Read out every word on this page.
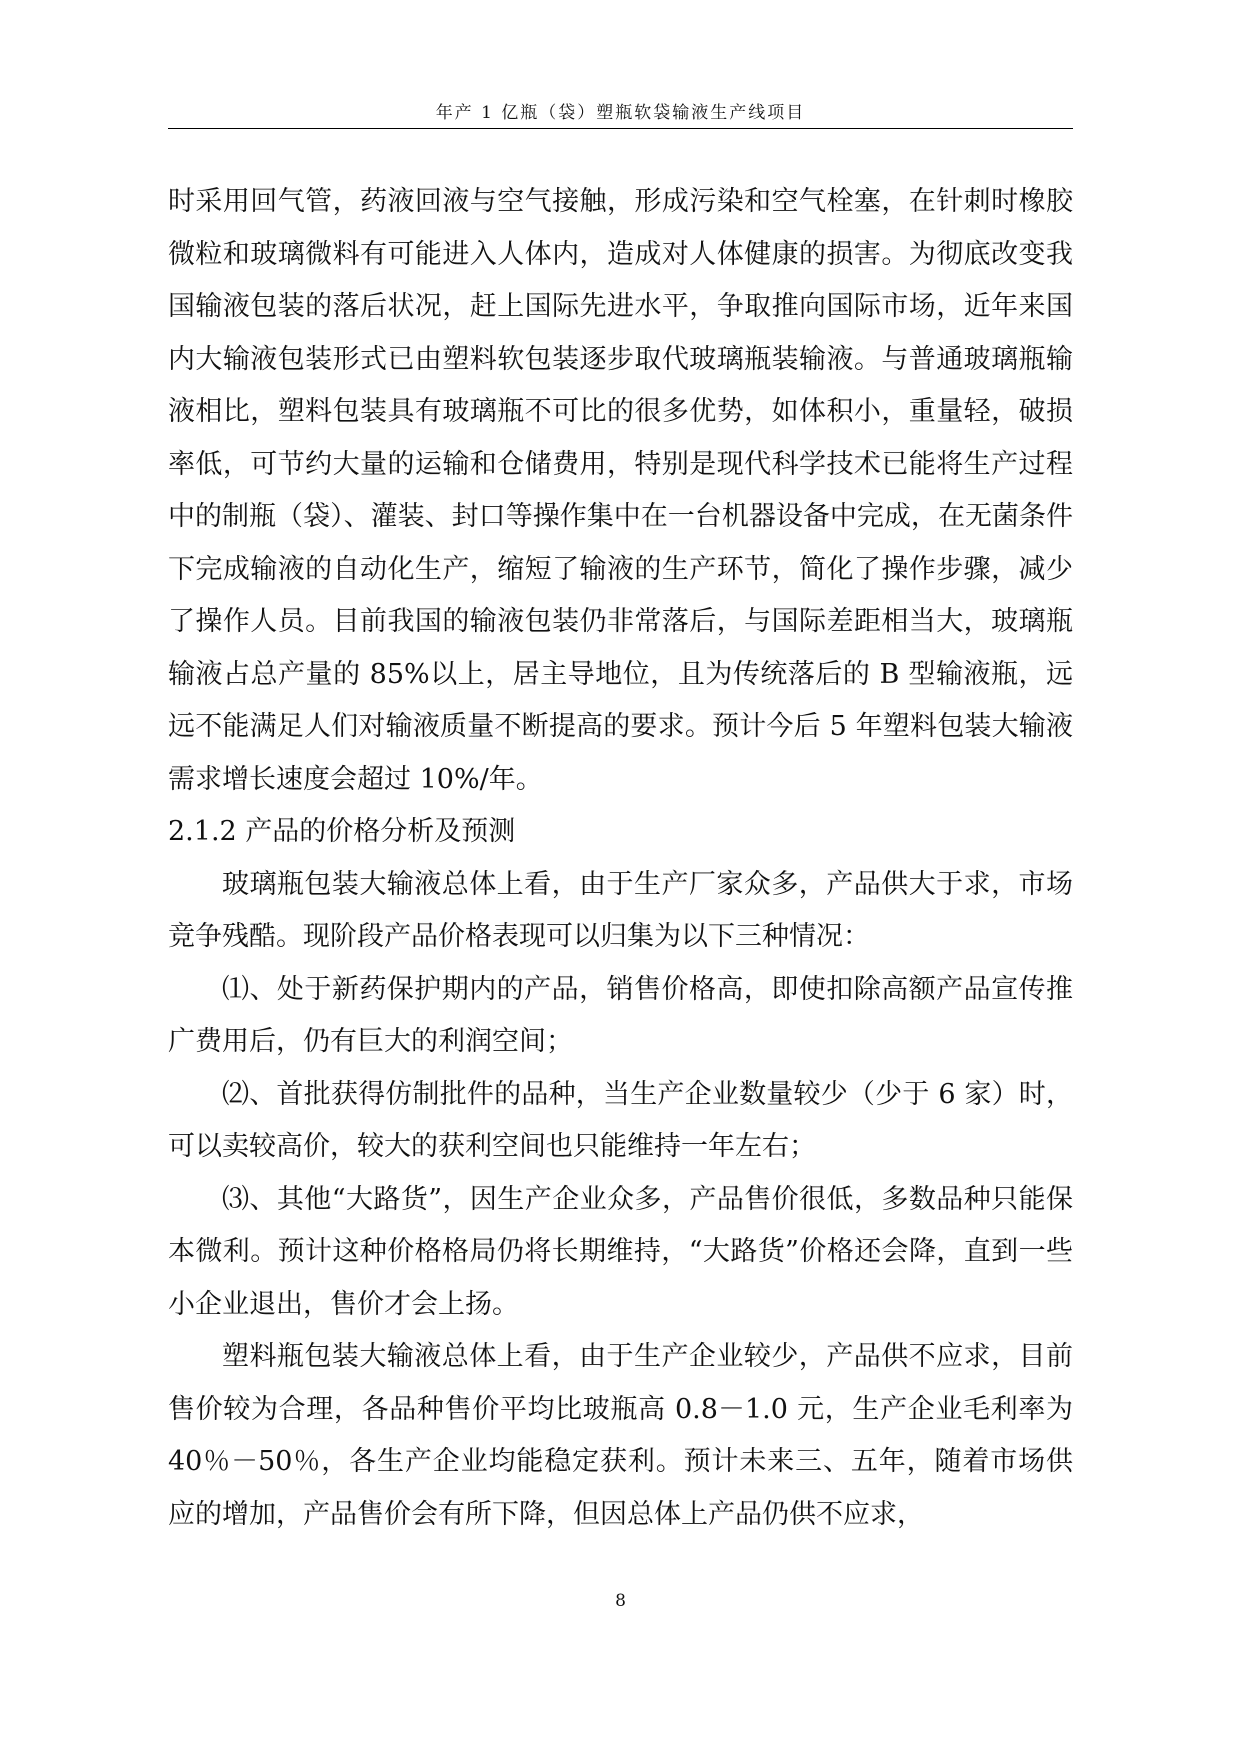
年产 1 亿瓶（袋）塑瓶软袋输液生产线项目

时采用回气管，药液回液与空气接触，形成污染和空气栓塞，在针刺时橡胶微粒和玻璃微料有可能进入人体内，造成对人体健康的损害。为彻底改变我国输液包装的落后状况，赶上国际先进水平，争取推向国际市场，近年来国内大输液包装形式已由塑料软包装逐步取代玻璃瓶装输液。与普通玻璃瓶输液相比，塑料包装具有玻璃瓶不可比的很多优势，如体积小，重量轻，破损率低，可节约大量的运输和仓储费用，特别是现代科学技术已能将生产过程中的制瓶（袋）、灌装、封口等操作集中在一台机器设备中完成，在无菌条件下完成输液的自动化生产，缩短了输液的生产环节，简化了操作步骤，减少了操作人员。目前我国的输液包装仍非常落后，与国际差距相当大，玻璃瓶输液占总产量的 85%以上，居主导地位，且为传统落后的 B 型输液瓶，远远不能满足人们对输液质量不断提高的要求。预计今后 5 年塑料包装大输液需求增长速度会超过 10%/年。

2.1.2 产品的价格分析及预测

玻璃瓶包装大输液总体上看，由于生产厂家众多，产品供大于求，市场竞争残酷。现阶段产品价格表现可以归集为以下三种情况：

⑴、处于新药保护期内的产品，销售价格高，即使扣除高额产品宣传推广费用后，仍有巨大的利润空间；

⑵、首批获得仿制批件的品种，当生产企业数量较少（少于 6 家）时，可以卖较高价，较大的获利空间也只能维持一年左右；

⑶、其他“大路货”，因生产企业众多，产品售价很低，多数品种只能保本微利。预计这种价格格局仍将长期维持，“大路货”价格还会降，直到一些小企业退出，售价才会上扬。

塑料瓶包装大输液总体上看，由于生产企业较少，产品供不应求，目前售价较为合理，各品种售价平均比玻瓶高 0.8－1.0 元，生产企业毛利率为 40％－50％，各生产企业均能稳定获利。预计未来三、五年，随着市场供应的增加，产品售价会有所下降，但因总体上产品仍供不应求，

8
